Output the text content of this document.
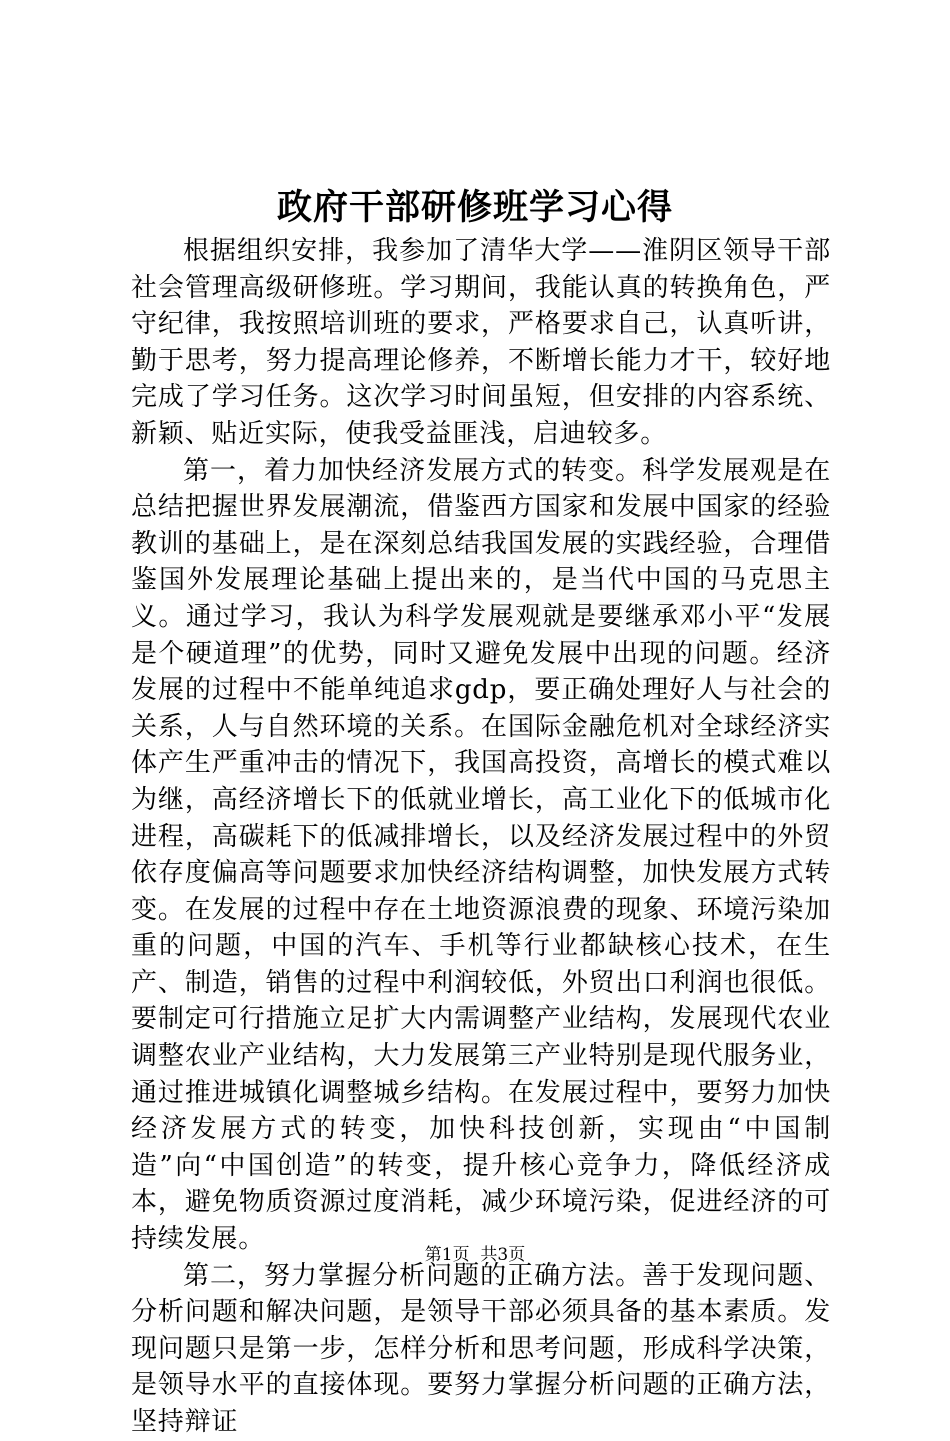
政府干部研修班学习心得

根据组织安排，我参加了清华大学——淮阴区领导干部社会管理高级研修班。学习期间，我能认真的转换角色，严守纪律，我按照培训班的要求，严格要求自己，认真听讲，勤于思考，努力提高理论修养，不断增长能力才干，较好地完成了学习任务。这次学习时间虽短，但安排的内容系统、新颖、贴近实际，使我受益匪浅，启迪较多。

第一，着力加快经济发展方式的转变。科学发展观是在总结把握世界发展潮流，借鉴西方国家和发展中国家的经验教训的基础上，是在深刻总结我国发展的实践经验，合理借鉴国外发展理论基础上提出来的，是当代中国的马克思主义。通过学习，我认为科学发展观就是要继承邓小平“发展是个硬道理”的优势，同时又避免发展中出现的问题。经济发展的过程中不能单纯追求gdp，要正确处理好人与社会的关系，人与自然环境的关系。在国际金融危机对全球经济实体产生严重冲击的情况下，我国高投资，高增长的模式难以为继，高经济增长下的低就业增长，高工业化下的低城市化进程，高碳耗下的低减排增长，以及经济发展过程中的外贸依存度偏高等问题要求加快经济结构调整，加快发展方式转变。在发展的过程中存在土地资源浪费的现象、环境污染加重的问题，中国的汽车、手机等行业都缺核心技术，在生产、制造，销售的过程中利润较低，外贸出口利润也很低。要制定可行措施立足扩大内需调整产业结构，发展现代农业调整农业产业结构，大力发展第三产业特别是现代服务业，通过推进城镇化调整城乡结构。在发展过程中，要努力加快经济发展方式的转变，加快科技创新，实现由“中国制造”向“中国创造”的转变，提升核心竞争力，降低经济成本，避免物质资源过度消耗，减少环境污染，促进经济的可持续发展。

第二，努力掌握分析问题的正确方法。善于发现问题、分析问题和解决问题，是领导干部必须具备的基本素质。发现问题只是第一步，怎样分析和思考问题，形成科学决策，是领导水平的直接体现。要努力掌握分析问题的正确方法，坚持辩证

第1页 共3页
